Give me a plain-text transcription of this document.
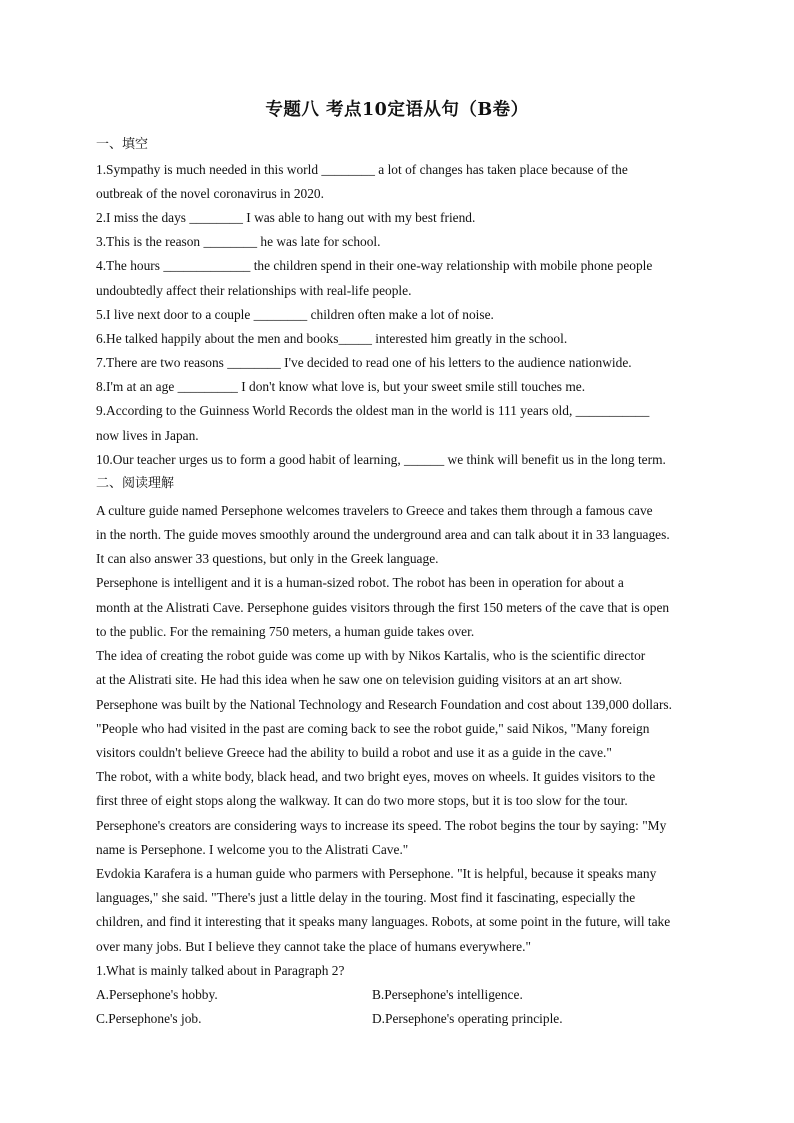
专题八 考点10定语从句（B卷）
一、填空
1.Sympathy is much needed in this world ________ a lot of changes has taken place because of the
outbreak of the novel coronavirus in 2020.
2.I miss the days ________ I was able to hang out with my best friend.
3.This is the reason ________ he was late for school.
4.The hours _____________ the children spend in their one-way relationship with mobile phone people
undoubtedly affect their relationships with real-life people.
5.I live next door to a couple ________ children often make a lot of noise.
6.He talked happily about the men and books_____ interested him greatly in the school.
7.There are two reasons ________ I've decided to read one of his letters to the audience nationwide.
8.I'm at an age _________ I don't know what love is, but your sweet smile still touches me.
9.According to the Guinness World Records the oldest man in the world is 111 years old, ___________
now lives in Japan.
10.Our teacher urges us to form a good habit of learning, ______ we think will benefit us in the long term.
二、阅读理解
A culture guide named Persephone welcomes travelers to Greece and takes them through a famous cave
in the north. The guide moves smoothly around the underground area and can talk about it in 33 languages.
It can also answer 33 questions, but only in the Greek language.
Persephone is intelligent and it is a human-sized robot. The robot has been in operation for about a
month at the Alistrati Cave. Persephone guides visitors through the first 150 meters of the cave that is open
to the public. For the remaining 750 meters, a human guide takes over.
The idea of creating the robot guide was come up with by Nikos Kartalis, who is the scientific director
at the Alistrati site. He had this idea when he saw one on television guiding visitors at an art show.
Persephone was built by the National Technology and Research Foundation and cost about 139,000 dollars.
"People who had visited in the past are coming back to see the robot guide," said Nikos, "Many foreign
visitors couldn't believe Greece had the ability to build a robot and use it as a guide in the cave."
The robot, with a white body, black head, and two bright eyes, moves on wheels. It guides visitors to the
first three of eight stops along the walkway. It can do two more stops, but it is too slow for the tour.
Persephone's creators are considering ways to increase its speed. The robot begins the tour by saying: "My
name is Persephone. I welcome you to the Alistrati Cave."
Evdokia Karafera is a human guide who parmers with Persephone. "It is helpful, because it speaks many
languages," she said. "There's just a little delay in the touring. Most find it fascinating, especially the
children, and find it interesting that it speaks many languages. Robots, at some point in the future, will take
over many jobs. But I believe they cannot take the place of humans everywhere."
1.What is mainly talked about in Paragraph 2?
A.Persephone's hobby.	B.Persephone's intelligence.
C.Persephone's job.	D.Persephone's operating principle.
